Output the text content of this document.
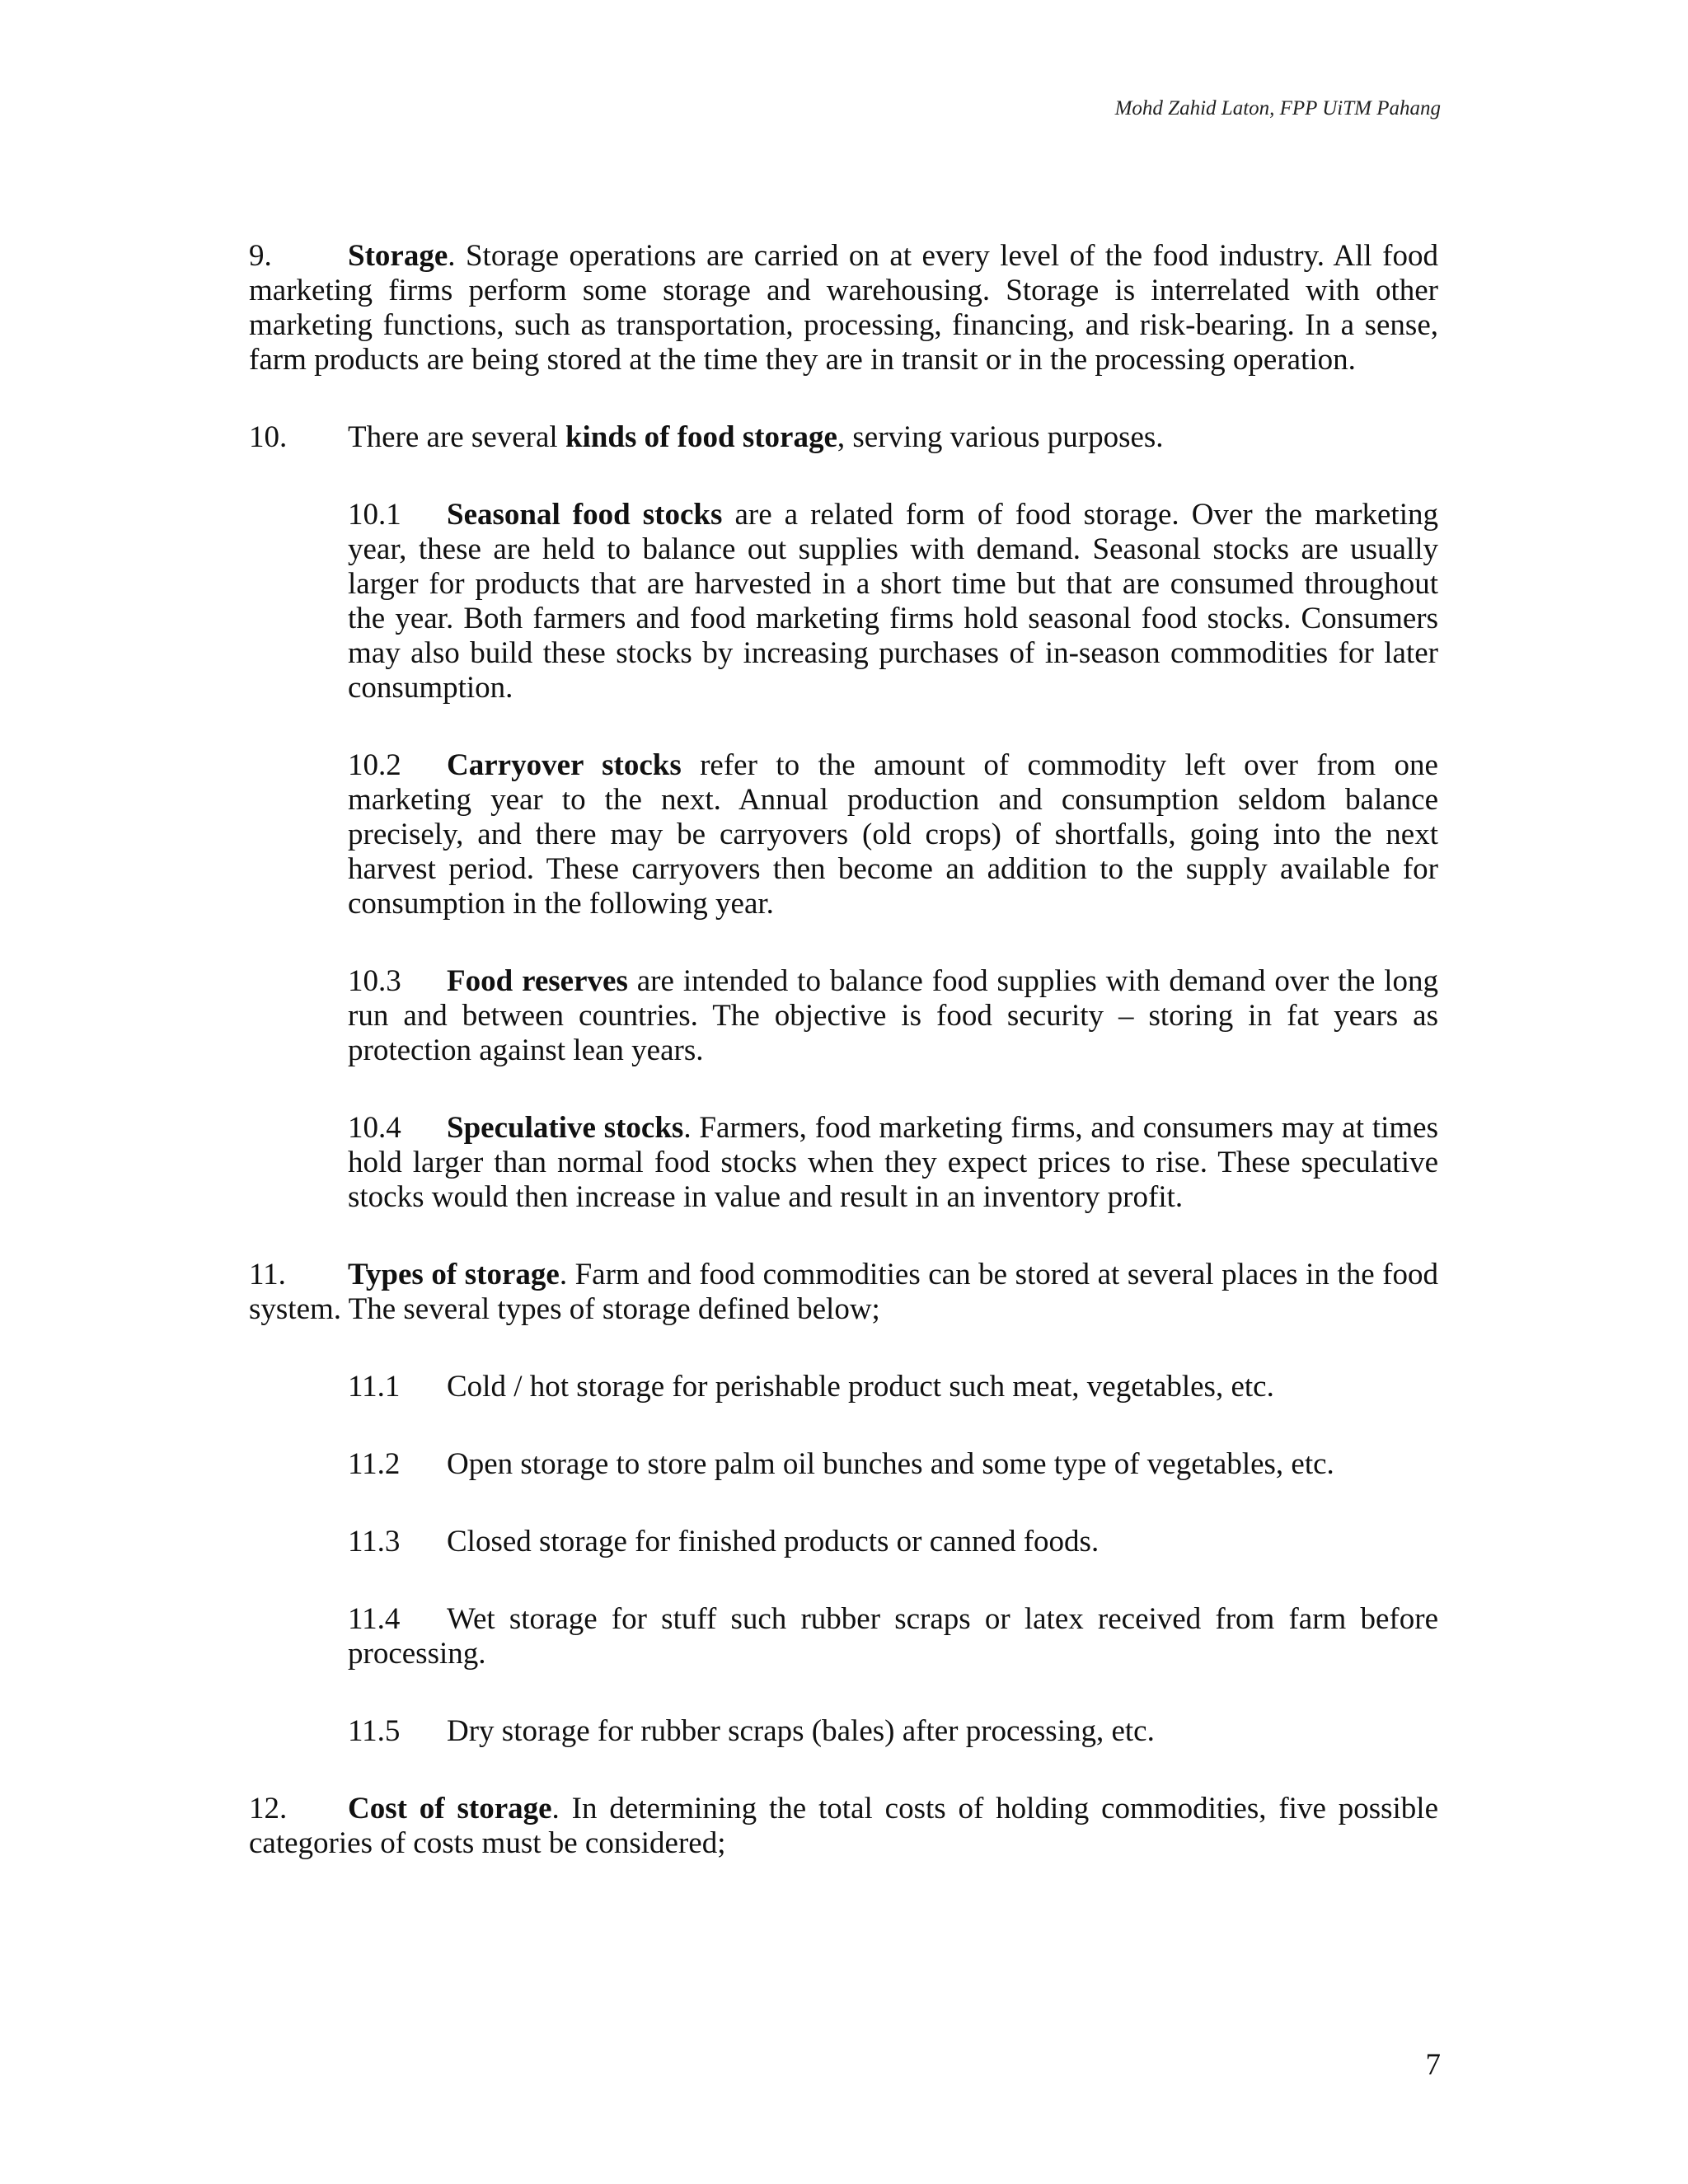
Mohd Zahid Laton, FPP UiTM Pahang

9. Storage. Storage operations are carried on at every level of the food industry. All food marketing firms perform some storage and warehousing. Storage is interrelated with other marketing functions, such as transportation, processing, financing, and risk-bearing. In a sense, farm products are being stored at the time they are in transit or in the processing operation.

10. There are several kinds of food storage, serving various purposes.

10.1 Seasonal food stocks are a related form of food storage. Over the marketing year, these are held to balance out supplies with demand. Seasonal stocks are usually larger for products that are harvested in a short time but that are consumed throughout the year. Both farmers and food marketing firms hold seasonal food stocks. Consumers may also build these stocks by increasing purchases of in-season commodities for later consumption.

10.2 Carryover stocks refer to the amount of commodity left over from one marketing year to the next. Annual production and consumption seldom balance precisely, and there may be carryovers (old crops) of shortfalls, going into the next harvest period. These carryovers then become an addition to the supply available for consumption in the following year.

10.3 Food reserves are intended to balance food supplies with demand over the long run and between countries. The objective is food security – storing in fat years as protection against lean years.

10.4 Speculative stocks. Farmers, food marketing firms, and consumers may at times hold larger than normal food stocks when they expect prices to rise. These speculative stocks would then increase in value and result in an inventory profit.

11. Types of storage. Farm and food commodities can be stored at several places in the food system. The several types of storage defined below;

11.1 Cold / hot storage for perishable product such meat, vegetables, etc.

11.2 Open storage to store palm oil bunches and some type of vegetables, etc.

11.3 Closed storage for finished products or canned foods.

11.4 Wet storage for stuff such rubber scraps or latex received from farm before processing.

11.5 Dry storage for rubber scraps (bales) after processing, etc.

12. Cost of storage. In determining the total costs of holding commodities, five possible categories of costs must be considered;

7
